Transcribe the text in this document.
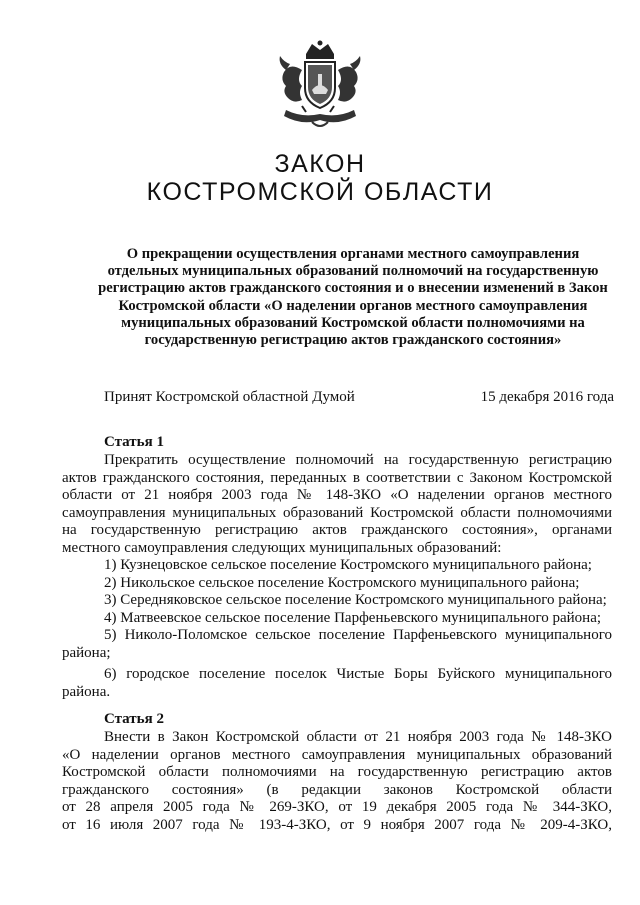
ЗАКОН
КОСТРОМСКОЙ ОБЛАСТИ
О прекращении осуществления органами местного самоуправления
отдельных муниципальных образований полномочий на государственную
регистрацию актов гражданского состояния и о внесении изменений в Закон
Костромской области «О наделении органов местного самоуправления
муниципальных образований Костромской области полномочиями на
государственную регистрацию актов гражданского состояния»
Принят Костромской областной Думой	15 декабря 2016 года
Статья 1
Прекратить осуществление полномочий на государственную регистрацию
актов гражданского состояния, переданных в соответствии с Законом Костромской
области от 21 ноября 2003 года № 148-ЗКО «О наделении органов местного
самоуправления муниципальных образований Костромской области полномочиями
на государственную регистрацию актов гражданского состояния», органами
местного самоуправления следующих муниципальных образований:
1) Кузнецовское сельское поселение Костромского муниципального района;
2) Никольское сельское поселение Костромского муниципального района;
3) Середняковское сельское поселение Костромского муниципального района;
4) Матвеевское сельское поселение Парфеньевского муниципального района;
5) Николо-Поломское сельское поселение Парфеньевского муниципального
района;
6) городское поселение поселок Чистые Боры Буйского муниципального
района.
Статья 2
Внести в Закон Костромской области от 21 ноября 2003 года № 148-ЗКО
«О наделении органов местного самоуправления муниципальных образований
Костромской области полномочиями на государственную регистрацию актов
гражданского состояния» (в редакции законов Костромской области
от 28 апреля 2005 года № 269-ЗКО, от 19 декабря 2005 года № 344-ЗКО,
от 16 июля 2007 года № 193-4-ЗКО, от 9 ноября 2007 года № 209-4-ЗКО,
